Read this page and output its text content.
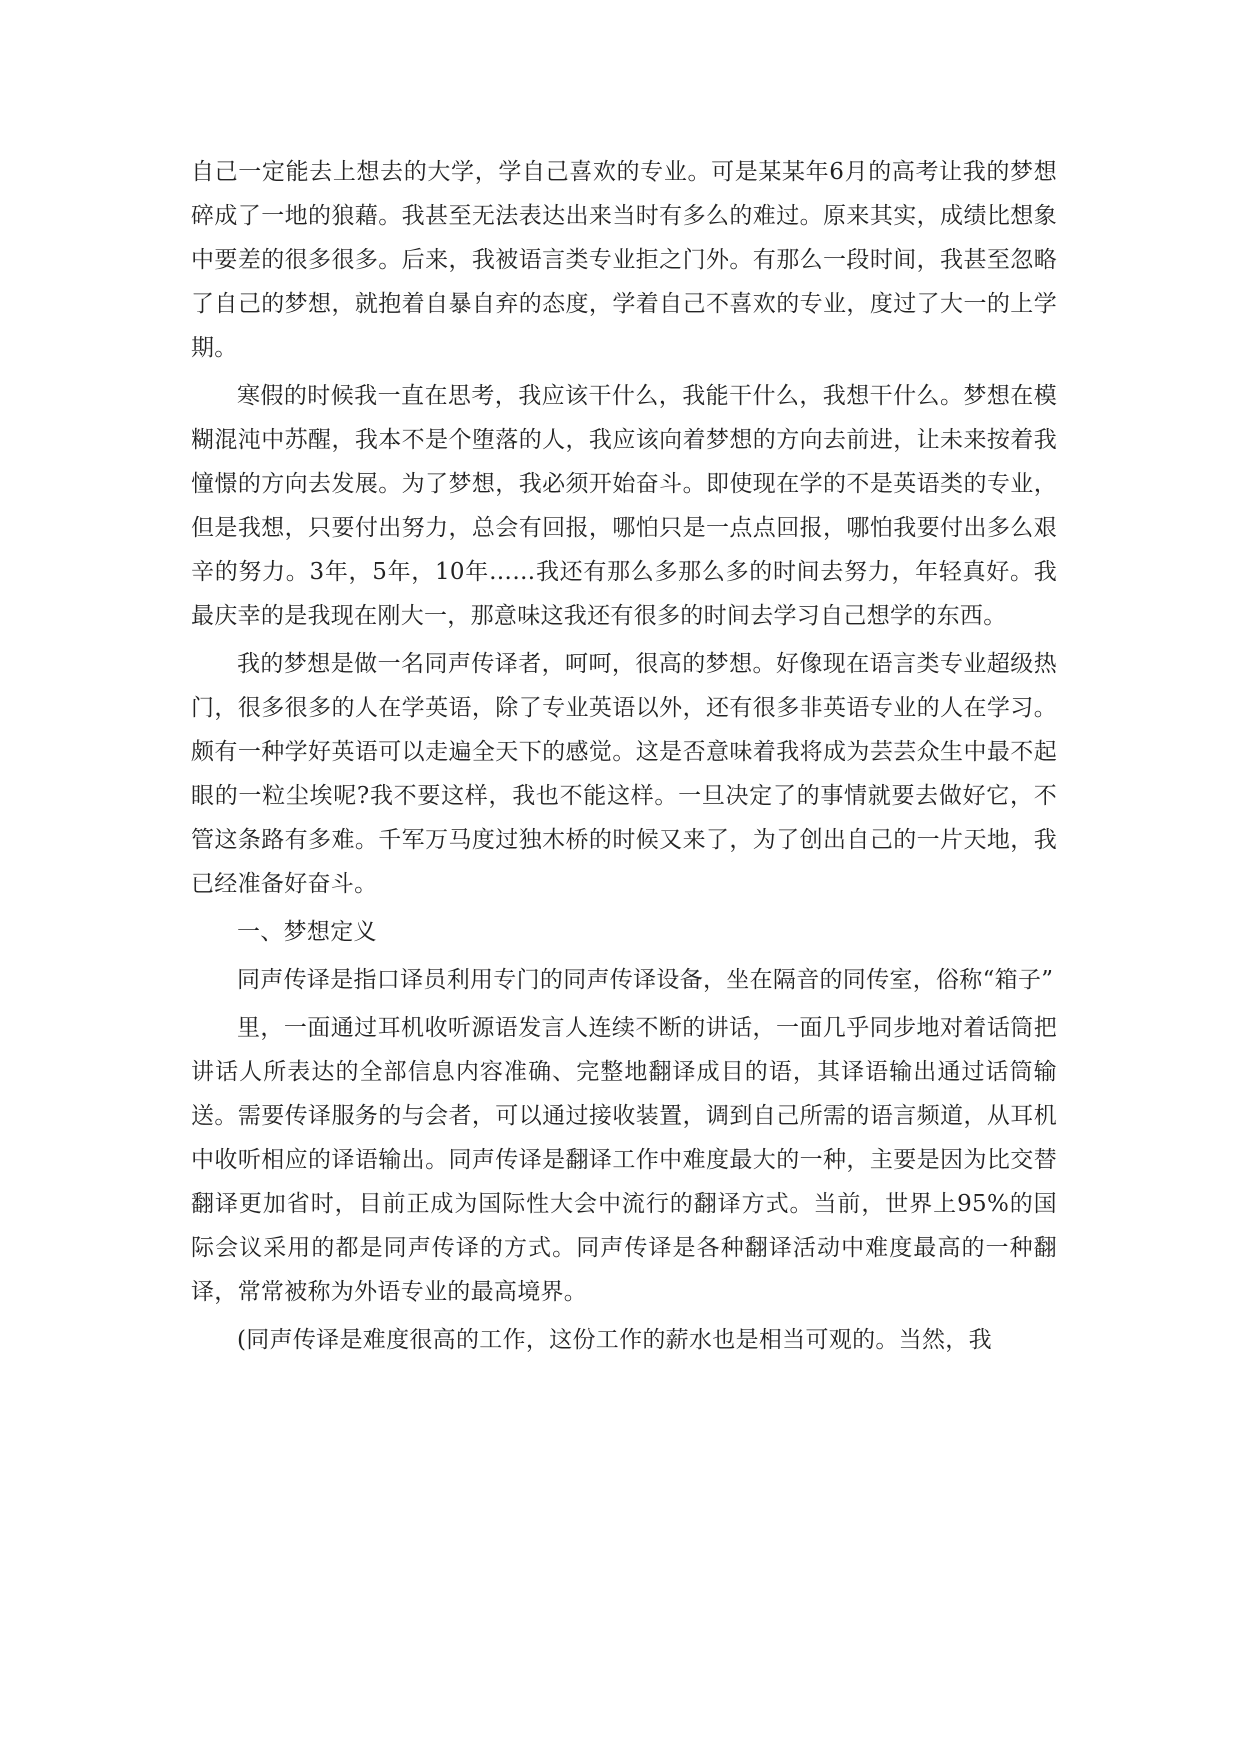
自己一定能去上想去的大学，学自己喜欢的专业。可是某某年6月的高考让我的梦想碎成了一地的狼藉。我甚至无法表达出来当时有多么的难过。原来其实，成绩比想象中要差的很多很多。后来，我被语言类专业拒之门外。有那么一段时间，我甚至忽略了自己的梦想，就抱着自暴自弃的态度，学着自己不喜欢的专业，度过了大一的上学期。

寒假的时候我一直在思考，我应该干什么，我能干什么，我想干什么。梦想在模糊混沌中苏醒，我本不是个堕落的人，我应该向着梦想的方向去前进，让未来按着我憧憬的方向去发展。为了梦想，我必须开始奋斗。即使现在学的不是英语类的专业，但是我想，只要付出努力，总会有回报，哪怕只是一点点回报，哪怕我要付出多么艰辛的努力。3年，5年，10年……我还有那么多那么多的时间去努力，年轻真好。我最庆幸的是我现在刚大一，那意味这我还有很多的时间去学习自己想学的东西。

我的梦想是做一名同声传译者，呵呵，很高的梦想。好像现在语言类专业超级热门，很多很多的人在学英语，除了专业英语以外，还有很多非英语专业的人在学习。颇有一种学好英语可以走遍全天下的感觉。这是否意味着我将成为芸芸众生中最不起眼的一粒尘埃呢?我不要这样，我也不能这样。一旦决定了的事情就要去做好它，不管这条路有多难。千军万马度过独木桥的时候又来了，为了创出自己的一片天地，我已经准备好奋斗。

一、梦想定义

同声传译是指口译员利用专门的同声传译设备，坐在隔音的同传室，俗称“箱子”

里，一面通过耳机收听源语发言人连续不断的讲话，一面几乎同步地对着话筒把讲话人所表达的全部信息内容准确、完整地翻译成目的语，其译语输出通过话筒输送。需要传译服务的与会者，可以通过接收装置，调到自己所需的语言频道，从耳机中收听相应的译语输出。同声传译是翻译工作中难度最大的一种，主要是因为比交替翻译更加省时，目前正成为国际性大会中流行的翻译方式。当前，世界上95%的国际会议采用的都是同声传译的方式。同声传译是各种翻译活动中难度最高的一种翻译，常常被称为外语专业的最高境界。

(同声传译是难度很高的工作，这份工作的薪水也是相当可观的。当然，我
